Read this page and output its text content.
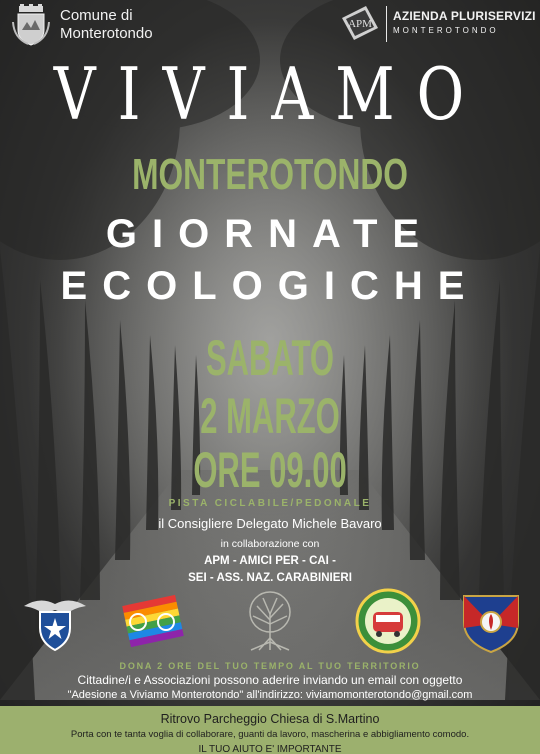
Comune di
Monterotondo
APM
AZIENDA PLURISERVIZI
MONTEROTONDO
VIVIAMO
MONTEROTONDO
GIORNATE
ECOLOGICHE
SABATO
2 MARZO
ORE 09.00
PISTA CICLABILE/PEDONALE
il Consigliere Delegato Michele Bavaro
in collaborazione con
APM - AMICI PER - CAI -
SEI - ASS. NAZ. CARABINIERI
DONA 2 ORE DEL TUO TEMPO AL TUO TERRITORIO
Cittadine/i e Associazioni possono aderire inviando un email con oggetto
"Adesione a Viviamo Monterotondo" all'indirizzo: viviamomonterotondo@gmail.com
Ritrovo Parcheggio Chiesa di S.Martino
Porta con te tanta voglia di collaborare, guanti da lavoro, mascherina e abbigliamento comodo.
IL TUO AIUTO E' IMPORTANTE
